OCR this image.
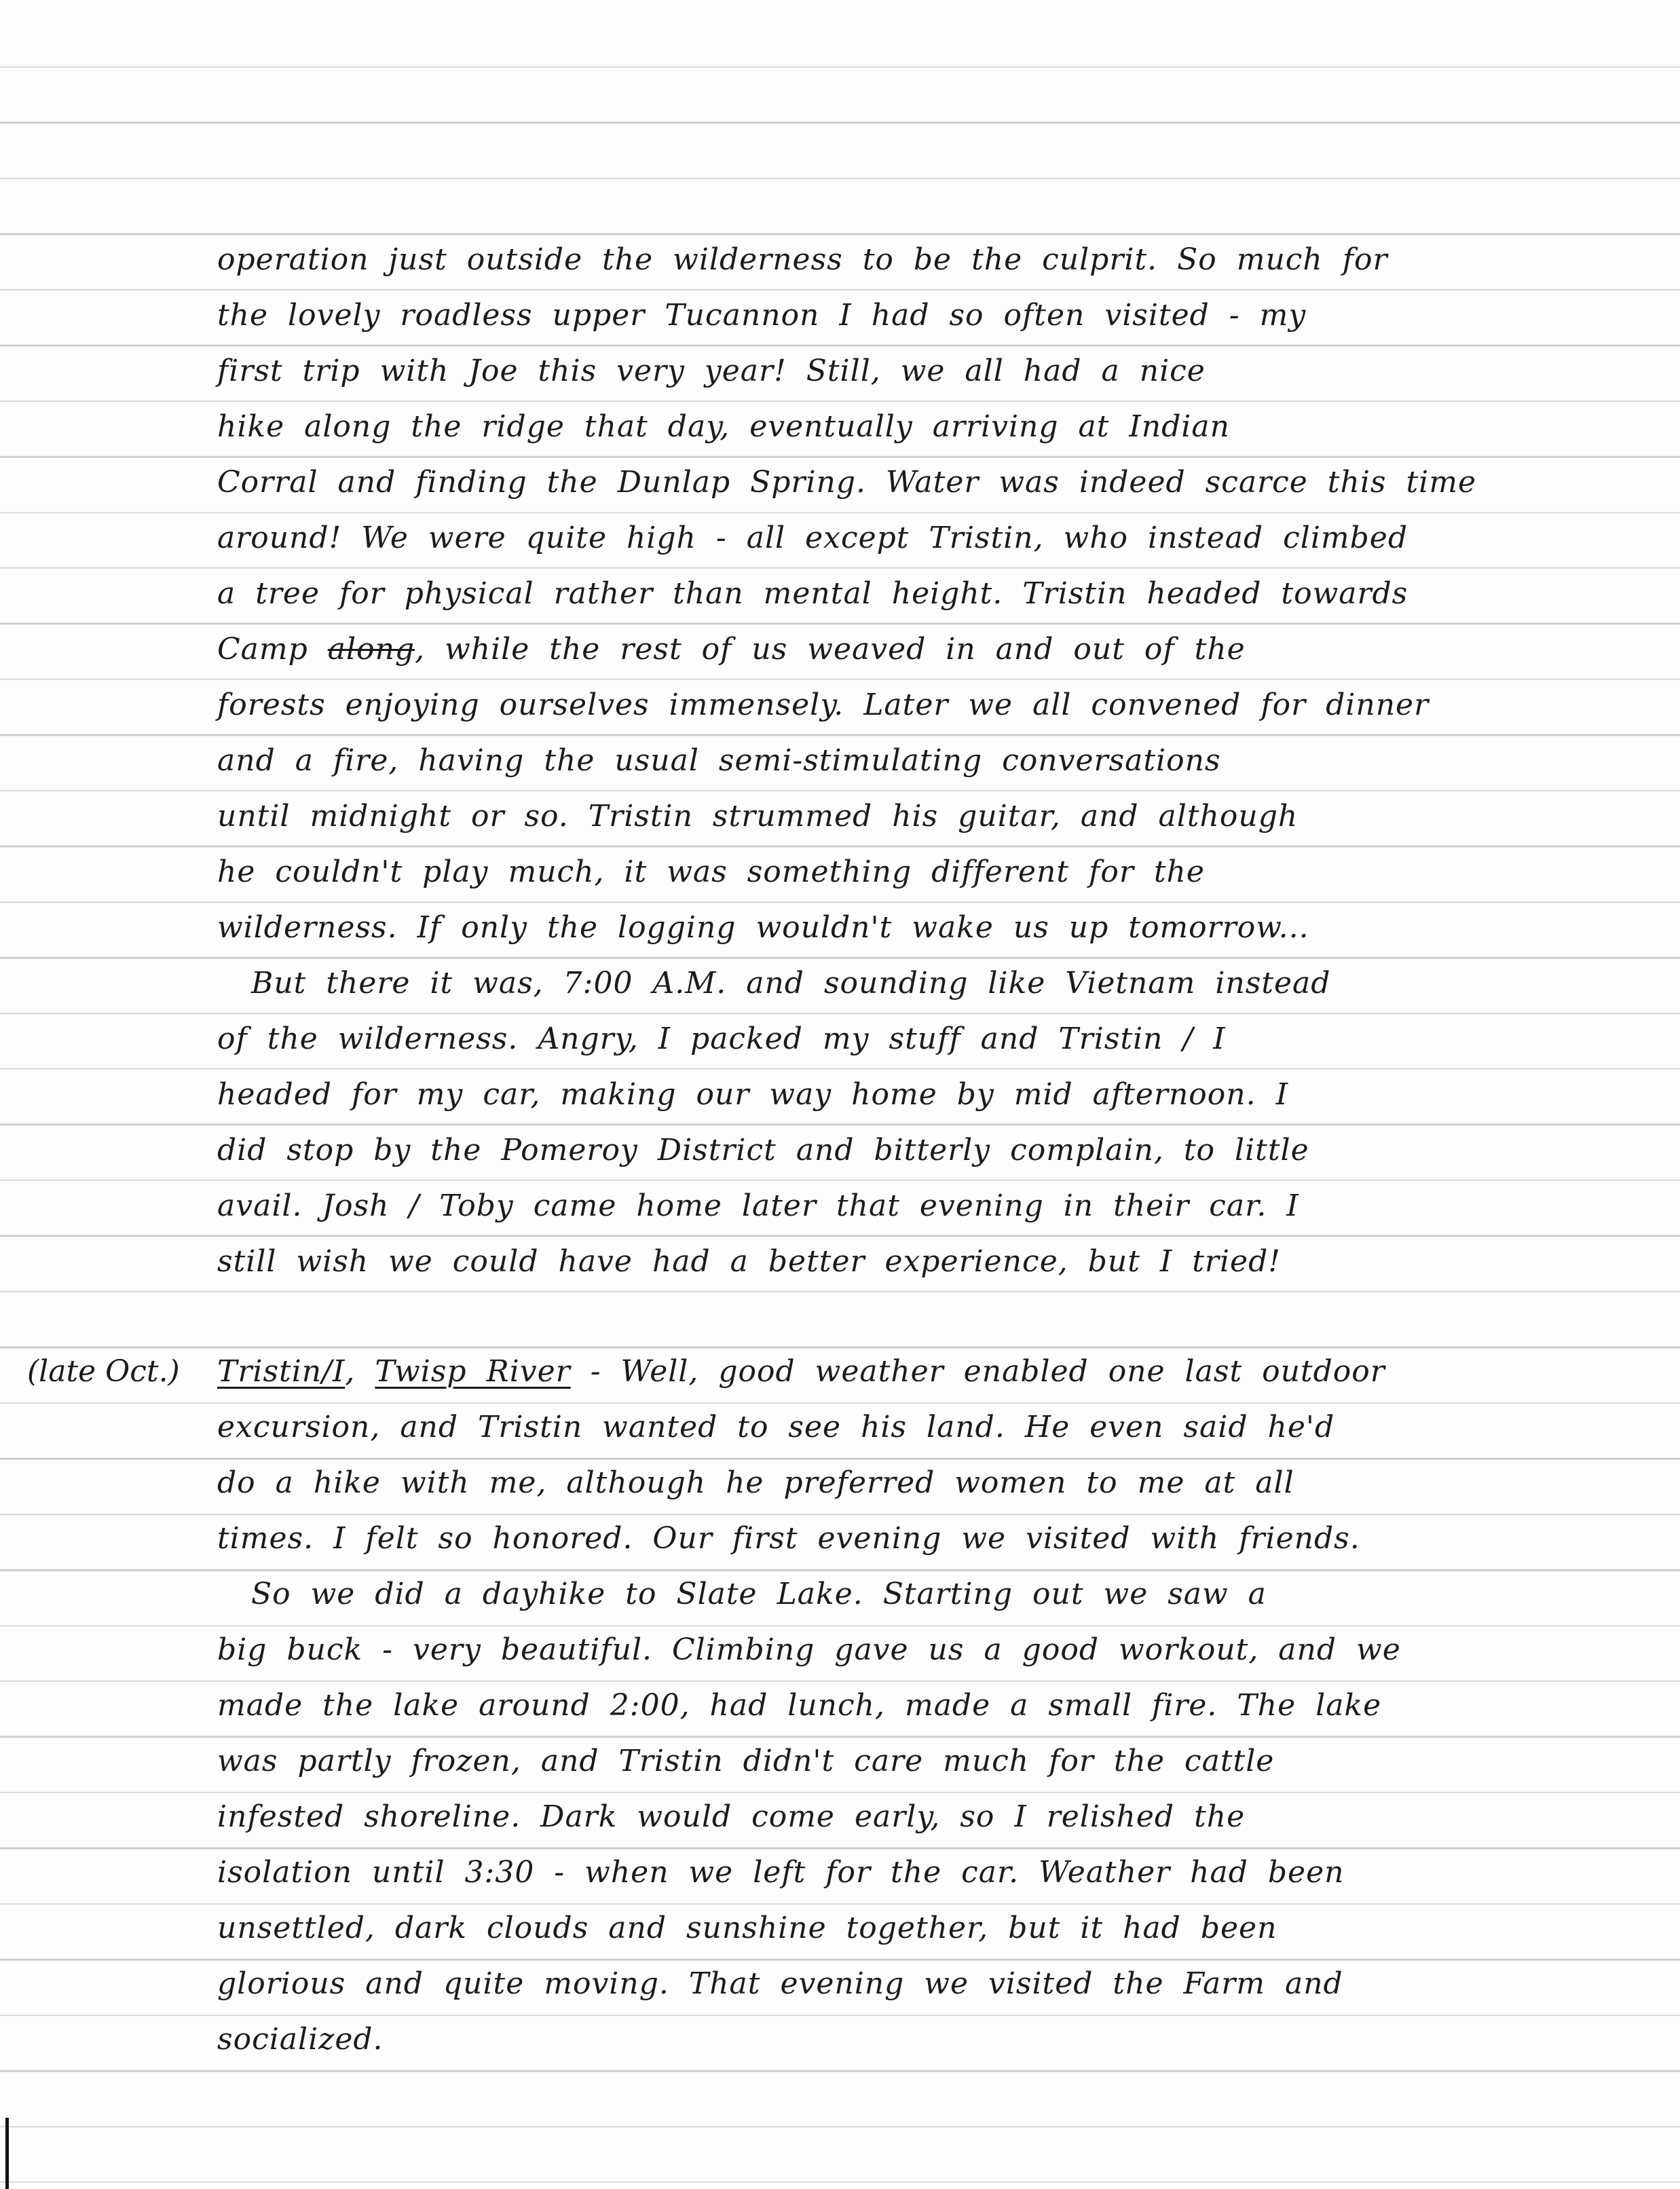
operation just outside the wilderness to be the culprit. So much for
the lovely roadless upper Tucannon I had so often visited - my
first trip with Joe this very year! Still, we all had a nice
hike along the ridge that day, eventually arriving at Indian
Corral and finding the Dunlap Spring. Water was indeed scarce this time
around! We were quite high - all except Tristin, who instead climbed
a tree for physical rather than mental height. Tristin headed towards
Camp along, while the rest of us weaved in and out of the
forests enjoying ourselves immensely. Later we all convened for dinner
and a fire, having the usual semi-stimulating conversations
until midnight or so. Tristin strummed his guitar, and although
he couldn't play much, it was something different for the
wilderness. If only the logging wouldn't wake us up tomorrow...
But there it was, 7:00 A.M. and sounding like Vietnam instead
of the wilderness. Angry, I packed my stuff and Tristin / I
headed for my car, making our way home by mid afternoon. I
did stop by the Pomeroy District and bitterly complain, to little
avail. Josh / Toby came home later that evening in their car. I
still wish we could have had a better experience, but I tried!
(late Oct.) Tristin/I, Twisp River - Well, good weather enabled one last outdoor
excursion, and Tristin wanted to see his land. He even said he'd
do a hike with me, although he preferred women to me at all
times. I felt so honored. Our first evening we visited with friends.
So we did a dayhike to Slate Lake. Starting out we saw a
big buck - very beautiful. Climbing gave us a good workout, and we
made the lake around 2:00, had lunch, made a small fire. The lake
was partly frozen, and Tristin didn't care much for the cattle
infested shoreline. Dark would come early, so I relished the
isolation until 3:30 - when we left for the car. Weather had been
unsettled, dark clouds and sunshine together, but it had been
glorious and quite moving. That evening we visited the Farm and
socialized.
